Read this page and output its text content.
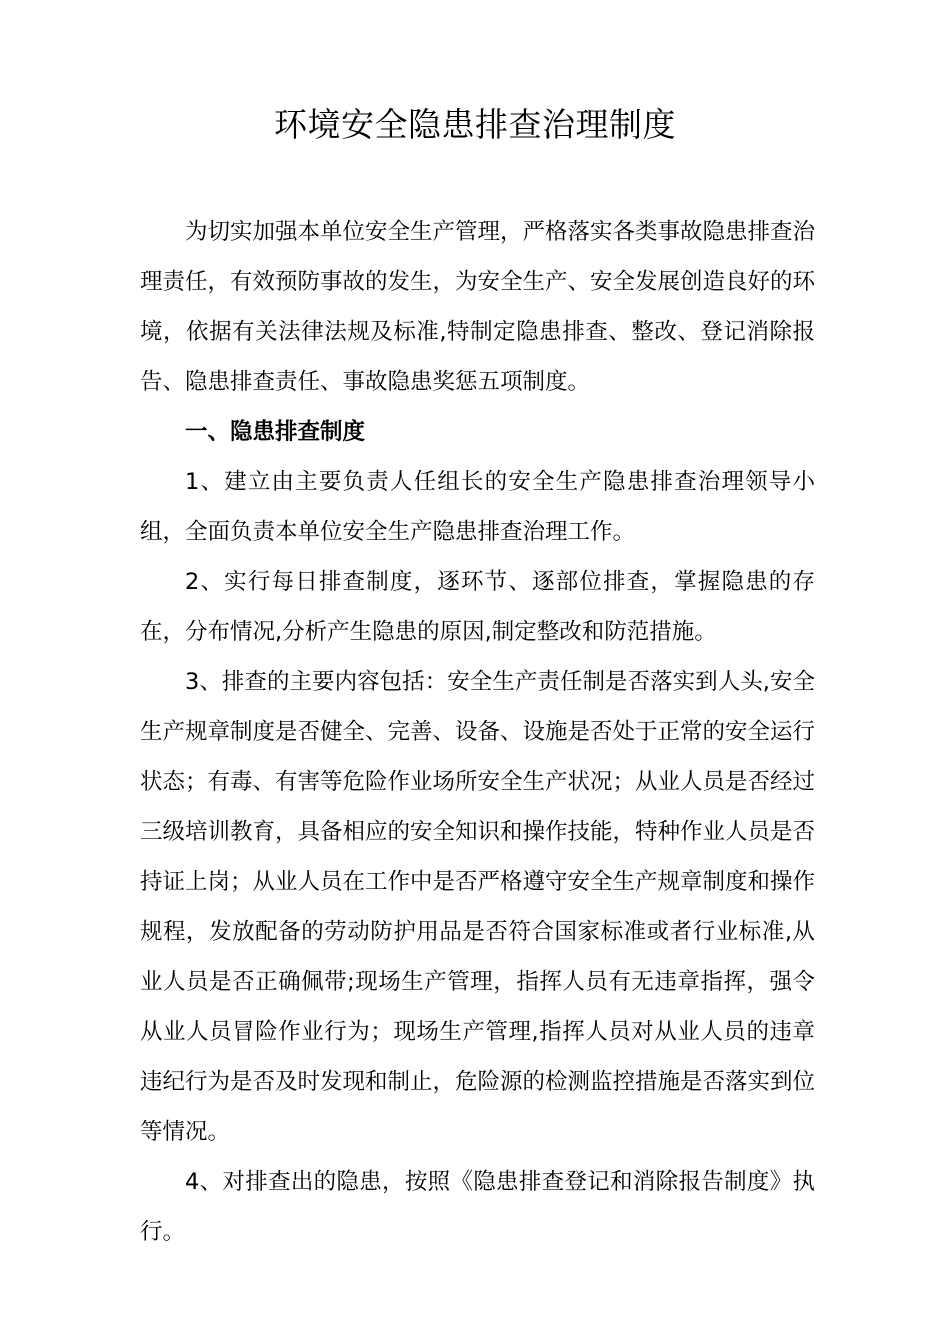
环境安全隐患排查治理制度

为切实加强本单位安全生产管理，严格落实各类事故隐患排查治理责任，有效预防事故的发生，为安全生产、安全发展创造良好的环境，依据有关法律法规及标准,特制定隐患排查、整改、登记消除报告、隐患排查责任、事故隐患奖惩五项制度。

一、隐患排查制度

1、建立由主要负责人任组长的安全生产隐患排查治理领导小组，全面负责本单位安全生产隐患排查治理工作。

2、实行每日排查制度，逐环节、逐部位排查，掌握隐患的存在，分布情况,分析产生隐患的原因,制定整改和防范措施。

3、排查的主要内容包括：安全生产责任制是否落实到人头,安全生产规章制度是否健全、完善、设备、设施是否处于正常的安全运行状态；有毒、有害等危险作业场所安全生产状况；从业人员是否经过三级培训教育，具备相应的安全知识和操作技能，特种作业人员是否持证上岗；从业人员在工作中是否严格遵守安全生产规章制度和操作规程，发放配备的劳动防护用品是否符合国家标准或者行业标准,从业人员是否正确佩带;现场生产管理，指挥人员有无违章指挥，强令从业人员冒险作业行为；现场生产管理,指挥人员对从业人员的违章违纪行为是否及时发现和制止，危险源的检测监控措施是否落实到位等情况。

4、对排查出的隐患，按照《隐患排查登记和消除报告制度》执行。
